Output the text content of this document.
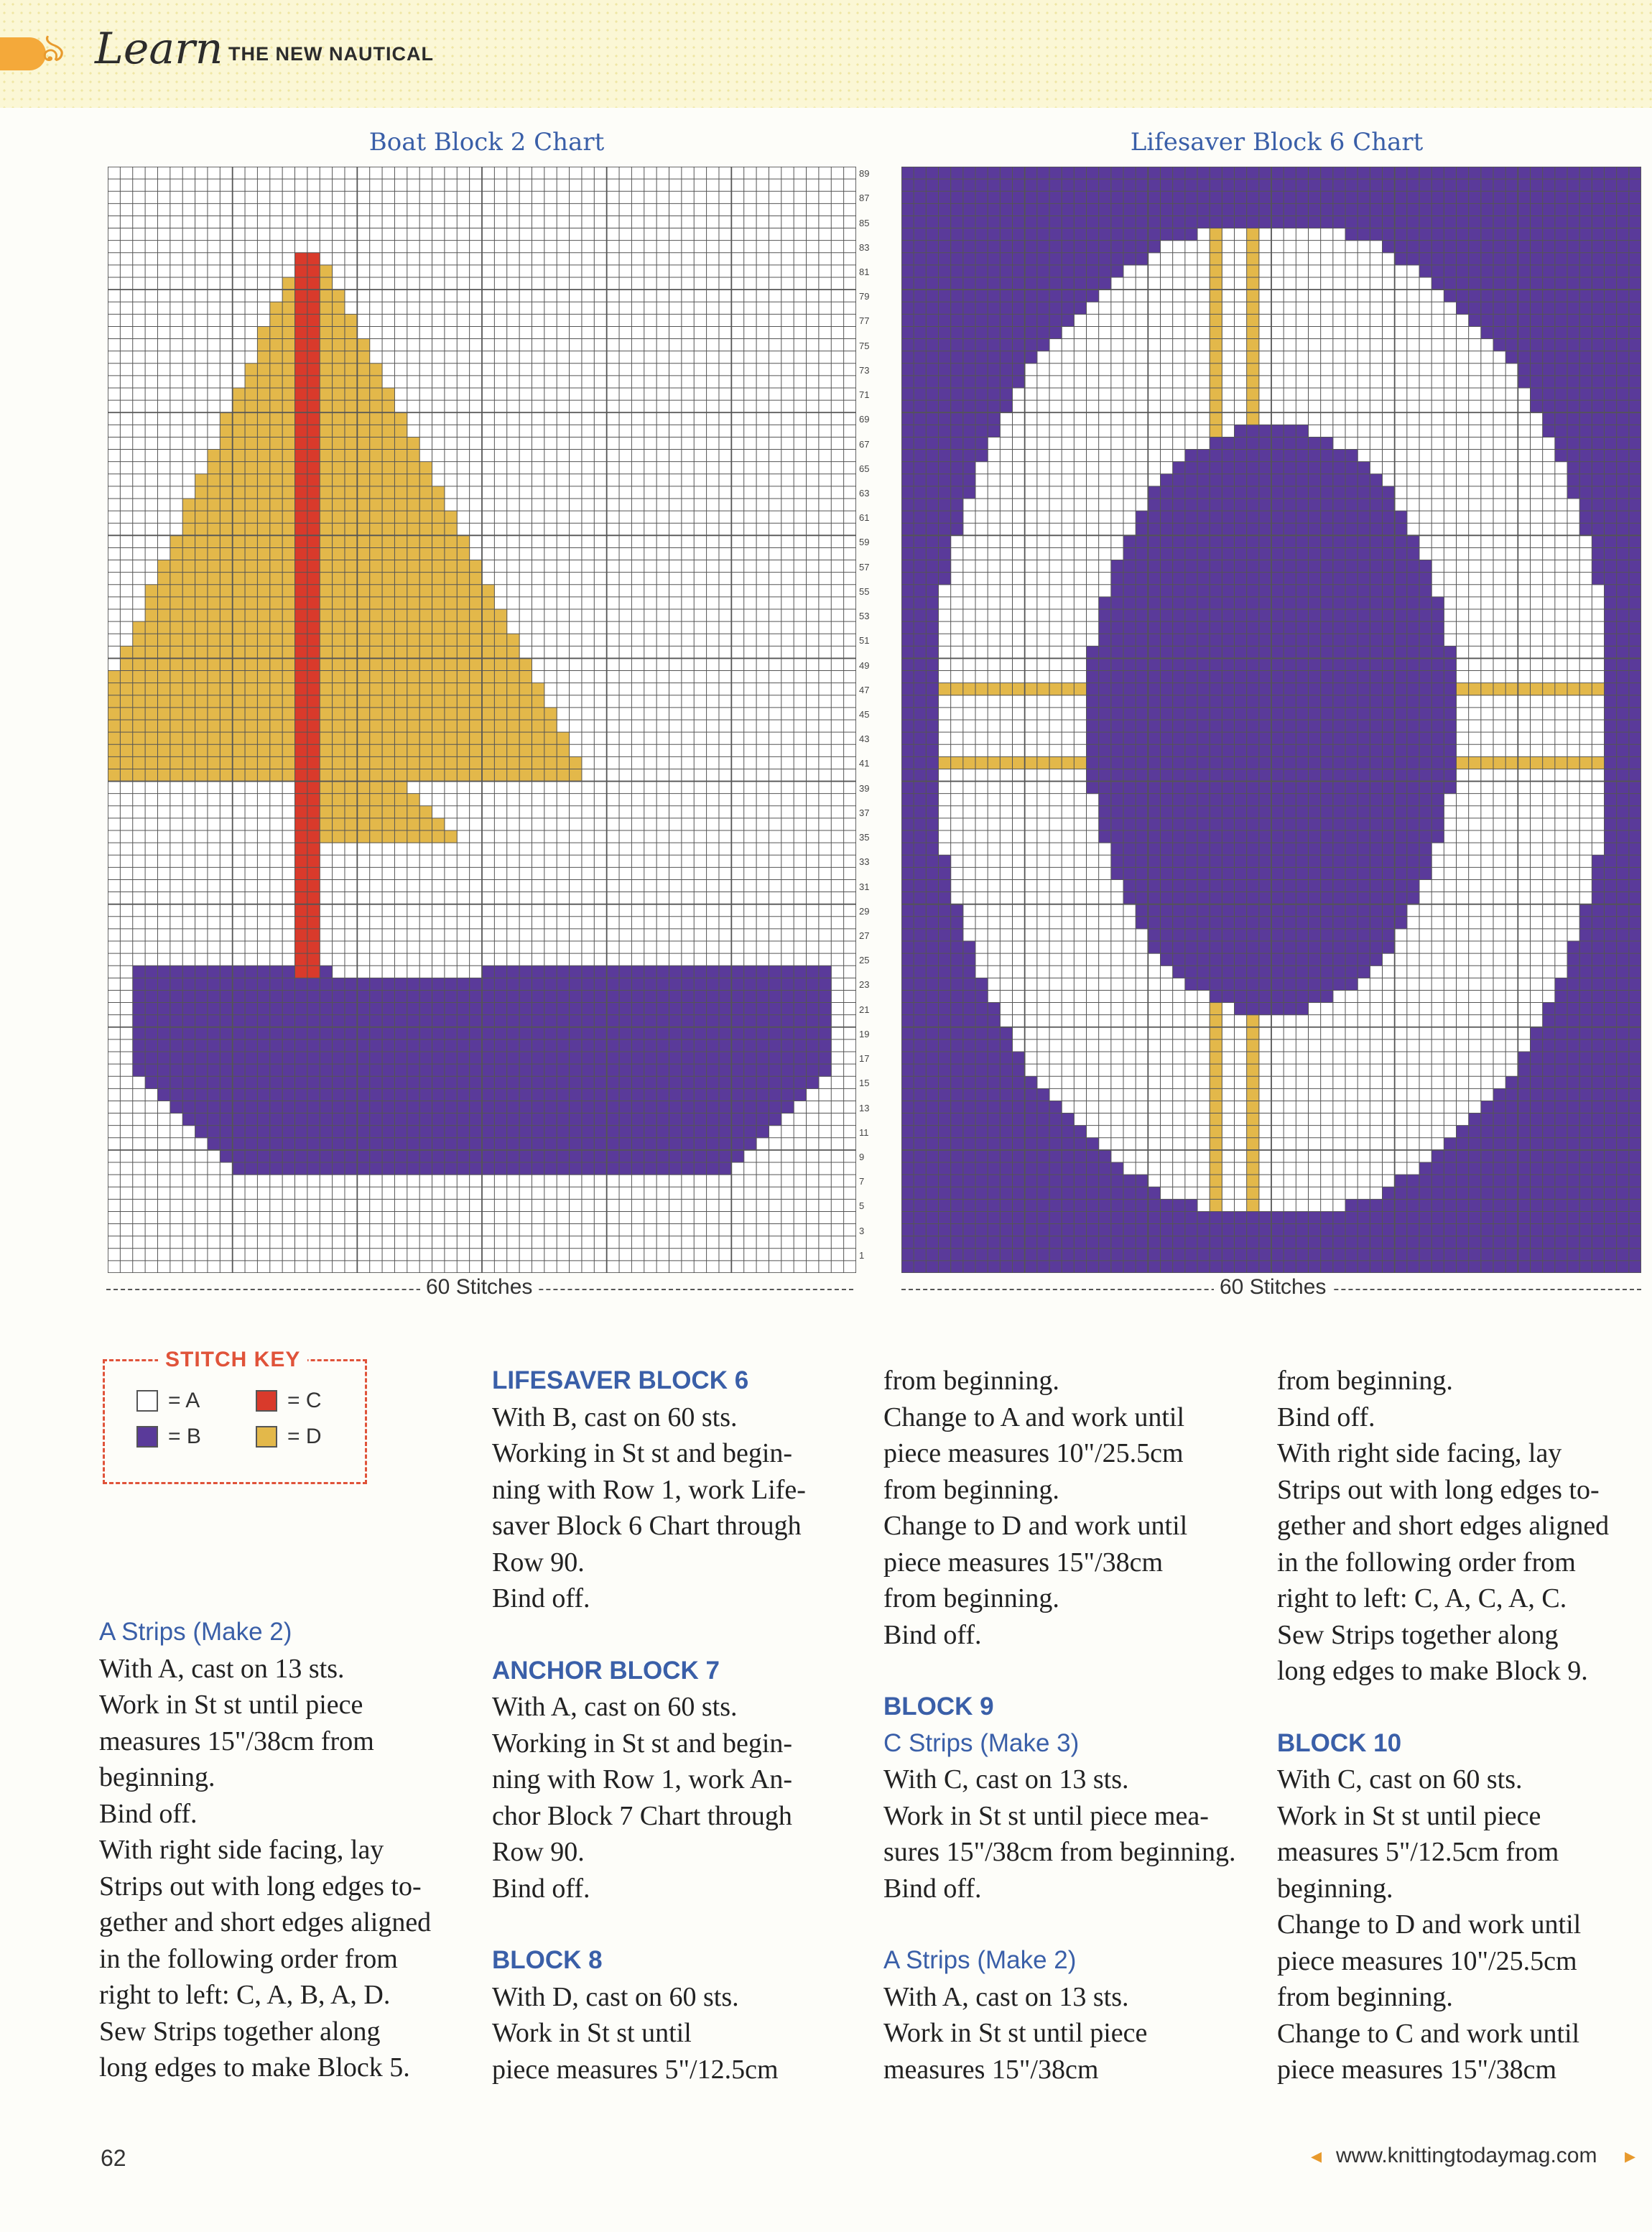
ঌ Learn THE NEW NAUTICAL
Boat Block 2 Chart	Lifesaver Block 6 Chart
89
87
85
83
81
79
77
75
73
71
69
67
65
63
61
59
57
55
53
51
49
47
45
43
41
39
37
35
33
31
29
27
25
23
21
19
17
15
13
11
9
7
5
3
1
60 Stitches	60 Stitches
STITCH KEY
= A	= C
= B	= D

A Strips (Make 2)

With A, cast on 13 sts.

Work in St st until piece

measures 15"/38cm from

beginning.

Bind off.

With right side facing, lay

Strips out with long edges to-

gether and short edges aligned

in the following order from

right to left: C, A, B, A, D.

Sew Strips together along

long edges to make Block 5.

LIFESAVER BLOCK 6

With B, cast on 60 sts.

Working in St st and begin-

ning with Row 1, work Life-

saver Block 6 Chart through

Row 90.

Bind off.

ANCHOR BLOCK 7

With A, cast on 60 sts.

Working in St st and begin-

ning with Row 1, work An-

chor Block 7 Chart through

Row 90.

Bind off.

BLOCK 8

With D, cast on 60 sts.

Work in St st until

piece measures 5"/12.5cm

from beginning.

Change to A and work until

piece measures 10"/25.5cm

from beginning.

Change to D and work until

piece measures 15"/38cm

from beginning.

Bind off.

BLOCK 9

C Strips (Make 3)

With C, cast on 13 sts.

Work in St st until piece mea-

sures 15"/38cm from beginning.

Bind off.

A Strips (Make 2)

With A, cast on 13 sts.

Work in St st until piece

measures 15"/38cm

from beginning.

Bind off.

With right side facing, lay

Strips out with long edges to-

gether and short edges aligned

in the following order from

right to left: C, A, C, A, C.

Sew Strips together along

long edges to make Block 9.

BLOCK 10

With C, cast on 60 sts.

Work in St st until piece

measures 5"/12.5cm from

beginning.

Change to D and work until

piece measures 10"/25.5cm

from beginning.

Change to C and work until

piece measures 15"/38cm

62	◂ www.knittingtodaymag.com ▸
